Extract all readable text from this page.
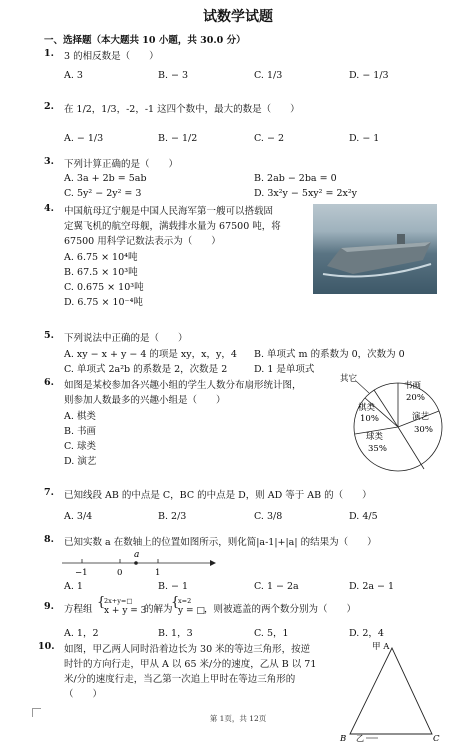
试数学试题
一、选择题（本大题共 10 小题，共 30.0 分）
1. 3 的相反数是（　　）
A. 3	B. − 3	C. 1/3	D. − 1/3
2. 在 1/2，1/3，-2，-1 这四个数中，最大的数是（　　）
A. − 1/3	B. − 1/2	C. − 2	D. − 1
3. 下列计算正确的是（　　）
A. 3a + 2b = 5ab	B. 2ab − 2ba = 0
C. 5y² − 2y² = 3	D. 3x²y − 5xy² = 2x²y
4. 中国航母辽宁舰是中国人民海军第一艘可以搭载固
定翼飞机的航空母舰，满载排水量为 67500 吨，将
67500 用科学记数法表示为（　　）
A. 6.75 × 10⁴吨
B. 67.5 × 10³吨
C. 0.675 × 10³吨
D. 6.75 × 10⁻⁴吨
5. 下列说法中正确的是（　　）
A. xy − x + y − 4 的项是 xy，x，y，4 B. 单项式 m 的系数为 0，次数为 0
C. 单项式 2a²b 的系数是 2，次数是 2	D. 1 是单项式
6. 如图是某校参加各兴趣小组的学生人数分布扇形统计图，
则参加人数最多的兴趣小组是（　　）
A. 棋类
B. 书画
C. 球类
D. 演艺
其它
书画
20%
棋类
10%	演艺
30%
球类
35%
7. 已知线段 AB 的中点是 C，BC 的中点是 D，则 AD 等于 AB 的（　　）
A. 3/4	B. 2/3	C. 3/8	D. 4/5
8. 已知实数 a 在数轴上的位置如图所示，则化简|a-1|+|a| 的结果为（　　）
A. 1	B. − 1	C. 1 − 2a	D. 2a − 1
a
−1	0	1
9. 方程组 {
2x+y=□
x + y = 3
的解为
{
x=2
y = □ ，则被遮盖的两个数分别为（　　）
A. 1，2	B. 1，3	C. 5，1	D. 2，4
10. 如图，甲乙两人同时沿着边长为 30 米的等边三角形，按逆
时针的方向行走，甲从 A 以 65 米/分的速度，乙从 B 以 71
米/分的速度行走，当乙第一次追上甲时在等边三角形的
（　　）
甲 A
B 乙	C
第 1页，共 12页
